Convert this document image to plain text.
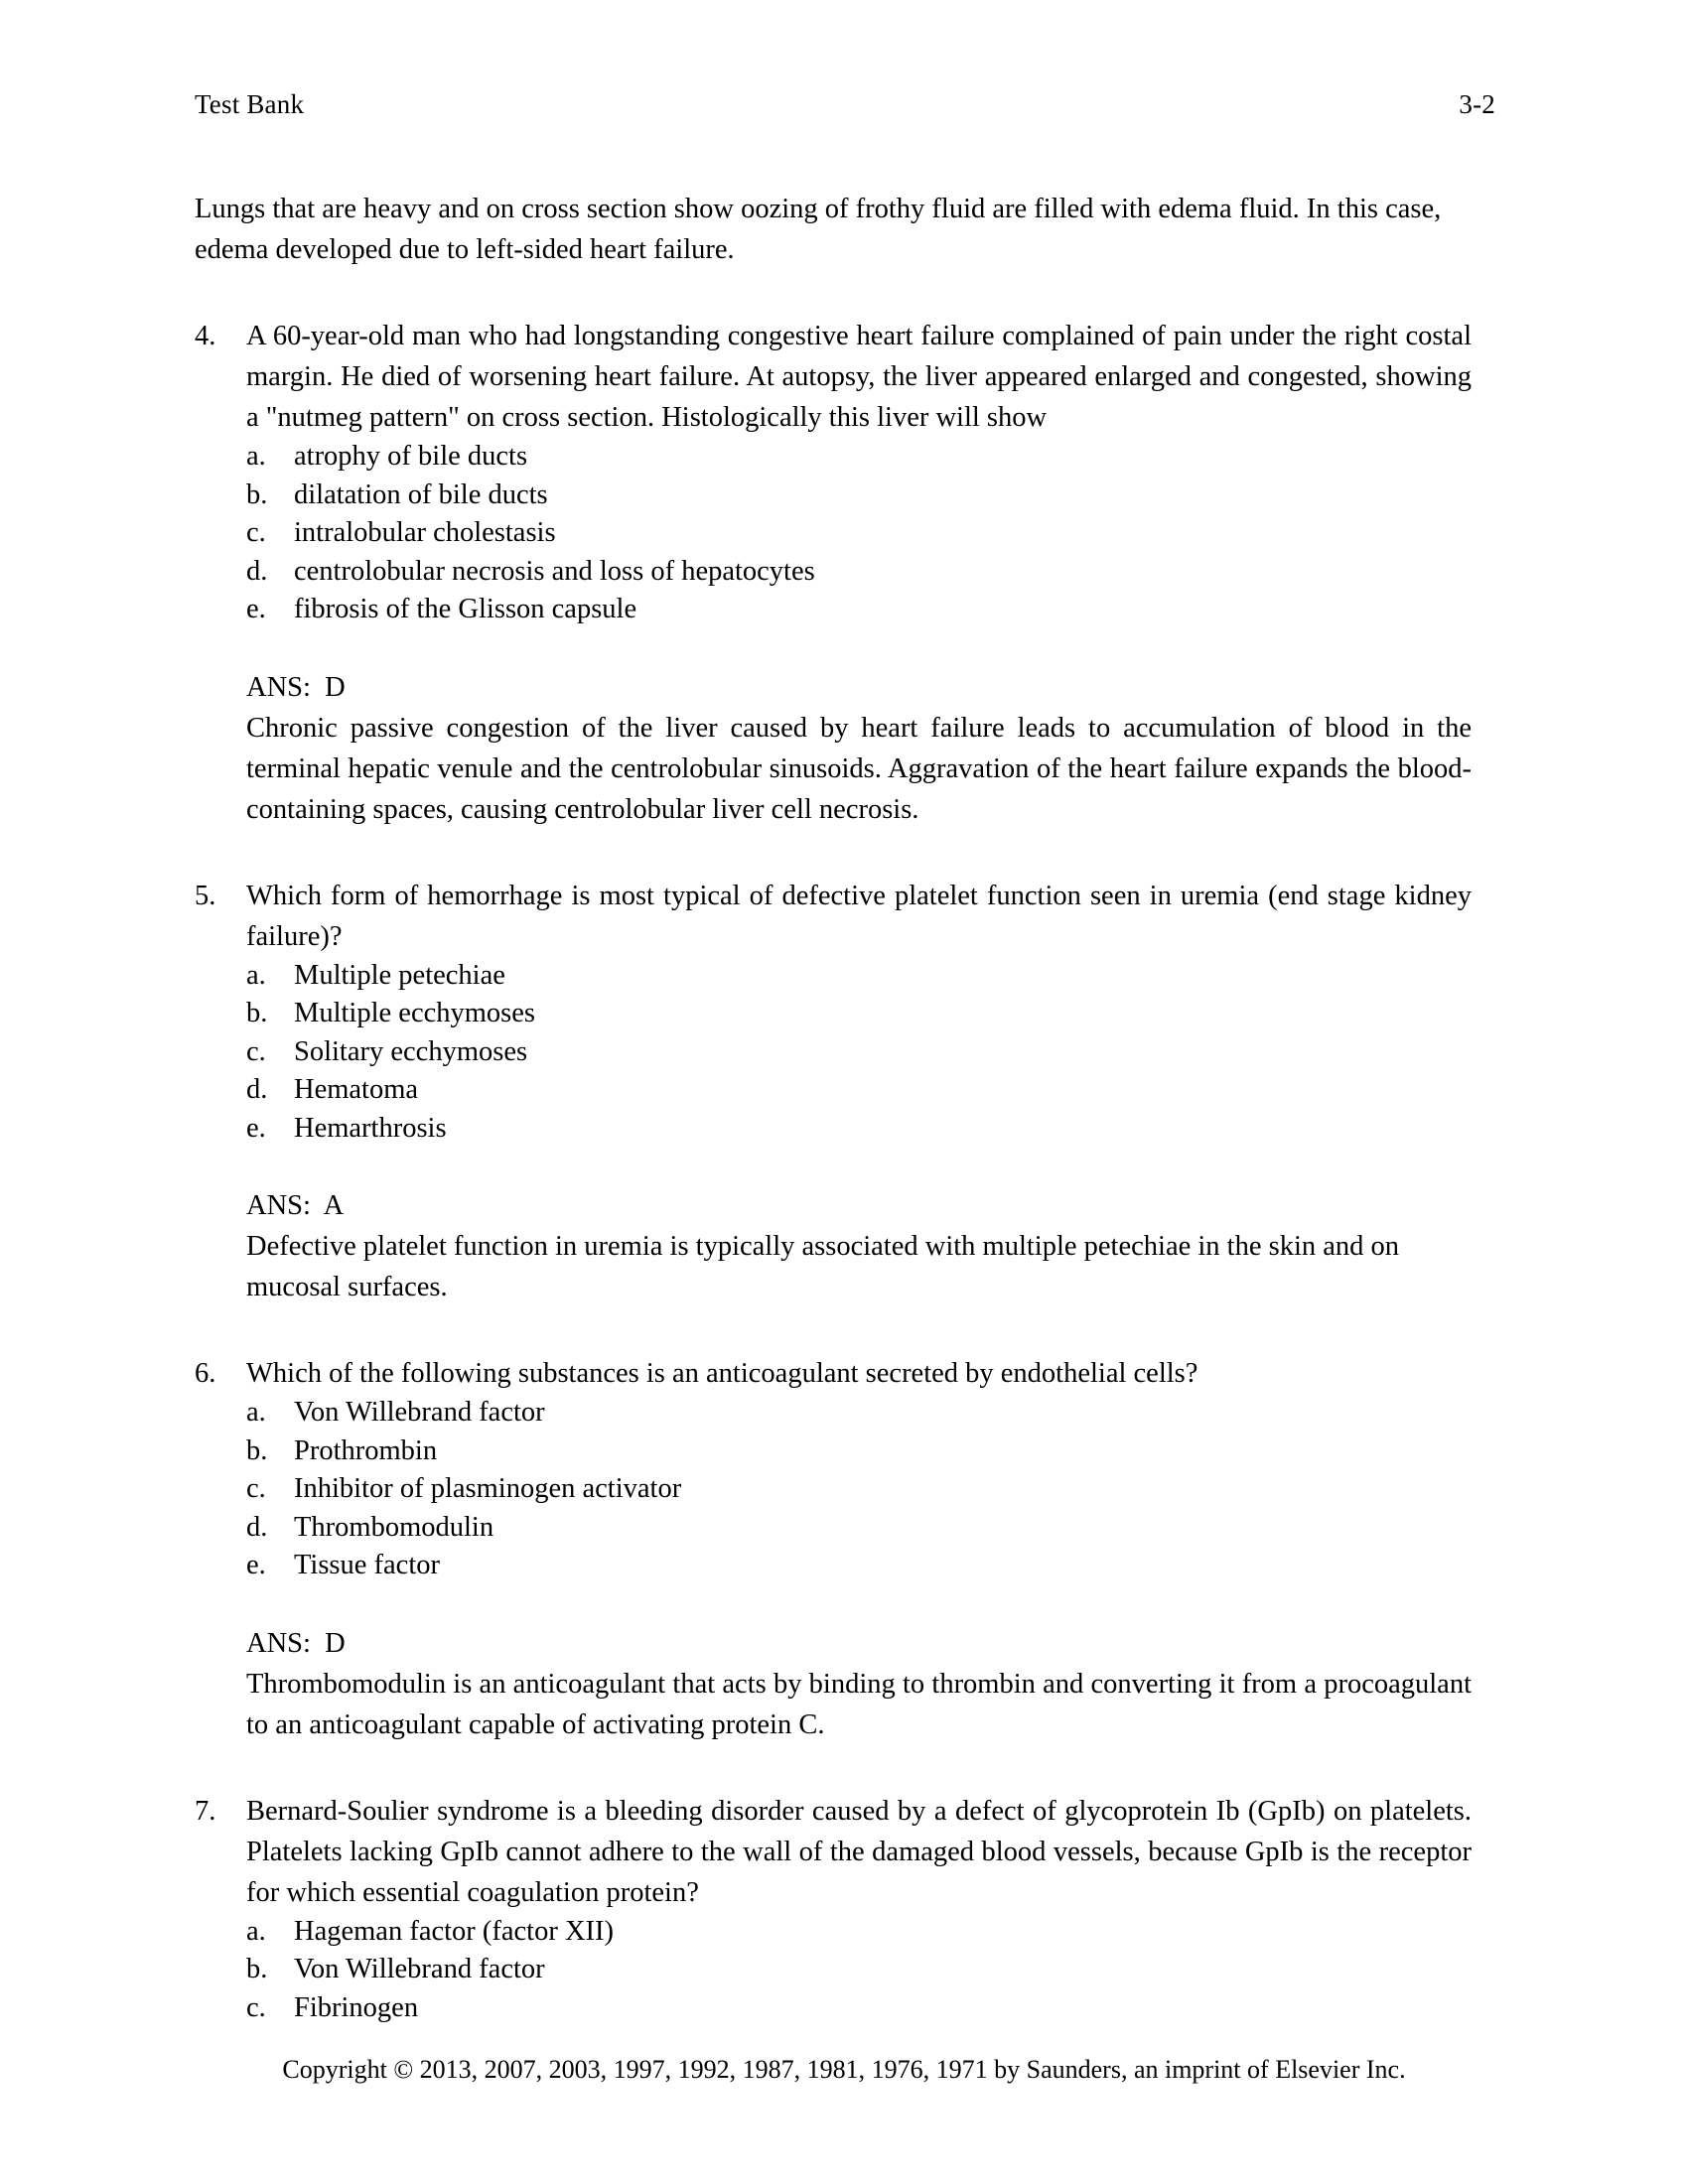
Test Bank	3-2

Lungs that are heavy and on cross section show oozing of frothy fluid are filled with edema fluid. In this case, edema developed due to left-sided heart failure.

4.	A 60-year-old man who had longstanding congestive heart failure complained of pain under the right costal margin. He died of worsening heart failure. At autopsy, the liver appeared enlarged and congested, showing a "nutmeg pattern" on cross section. Histologically this liver will show

a. atrophy of bile ducts
b. dilatation of bile ducts
c. intralobular cholestasis
d. centrolobular necrosis and loss of hepatocytes
e. fibrosis of the Glisson capsule

ANS:  D

Chronic passive congestion of the liver caused by heart failure leads to accumulation of blood in the terminal hepatic venule and the centrolobular sinusoids. Aggravation of the heart failure expands the blood-containing spaces, causing centrolobular liver cell necrosis.

5.	Which form of hemorrhage is most typical of defective platelet function seen in uremia (end stage kidney failure)?

a. Multiple petechiae
b. Multiple ecchymoses
c. Solitary ecchymoses
d. Hematoma
e. Hemarthrosis

ANS:  A

Defective platelet function in uremia is typically associated with multiple petechiae in the skin and on mucosal surfaces.

6.	Which of the following substances is an anticoagulant secreted by endothelial cells?

a. Von Willebrand factor
b. Prothrombin
c. Inhibitor of plasminogen activator
d. Thrombomodulin
e. Tissue factor

ANS:  D

Thrombomodulin is an anticoagulant that acts by binding to thrombin and converting it from a procoagulant to an anticoagulant capable of activating protein C.

7.	Bernard-Soulier syndrome is a bleeding disorder caused by a defect of glycoprotein Ib (GpIb) on platelets. Platelets lacking GpIb cannot adhere to the wall of the damaged blood vessels, because GpIb is the receptor for which essential coagulation protein?

a. Hageman factor (factor XII)
b. Von Willebrand factor
c. Fibrinogen
Copyright © 2013, 2007, 2003, 1997, 1992, 1987, 1981, 1976, 1971 by Saunders, an imprint of Elsevier Inc.
